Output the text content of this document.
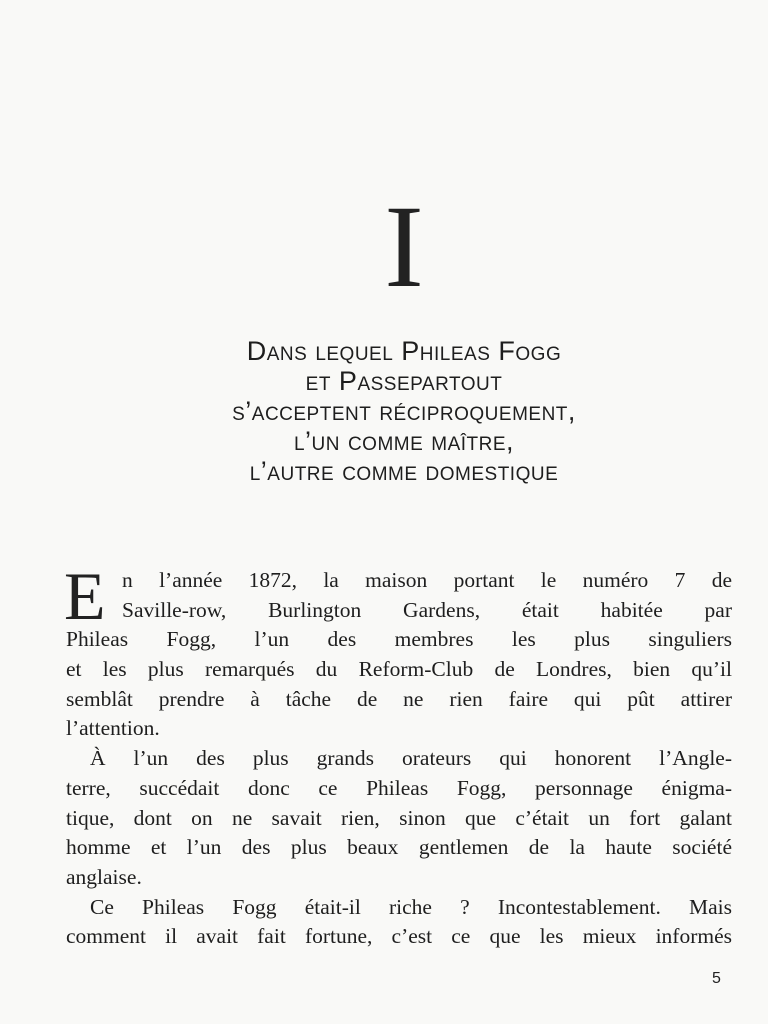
I
Dans lequel Phileas Fogg
et Passepartout
s’acceptent réciproquement,
l’un comme maître,
l’autre comme domestique
E n l’année 1872, la maison portant le numéro 7 de
Saville-row, Burlington Gardens, était habitée par
Phileas Fogg, l’un des membres les plus singuliers
et les plus remarqués du Reform-Club de Londres, bien qu’il
semblât prendre à tâche de ne rien faire qui pût attirer
l’attention.
À l’un des plus grands orateurs qui honorent l’Angle-
terre, succédait donc ce Phileas Fogg, personnage énigma-
tique, dont on ne savait rien, sinon que c’était un fort galant
homme et l’un des plus beaux gentlemen de la haute société
anglaise.
Ce Phileas Fogg était-il riche ? Incontestablement. Mais
comment il avait fait fortune, c’est ce que les mieux informés
5
